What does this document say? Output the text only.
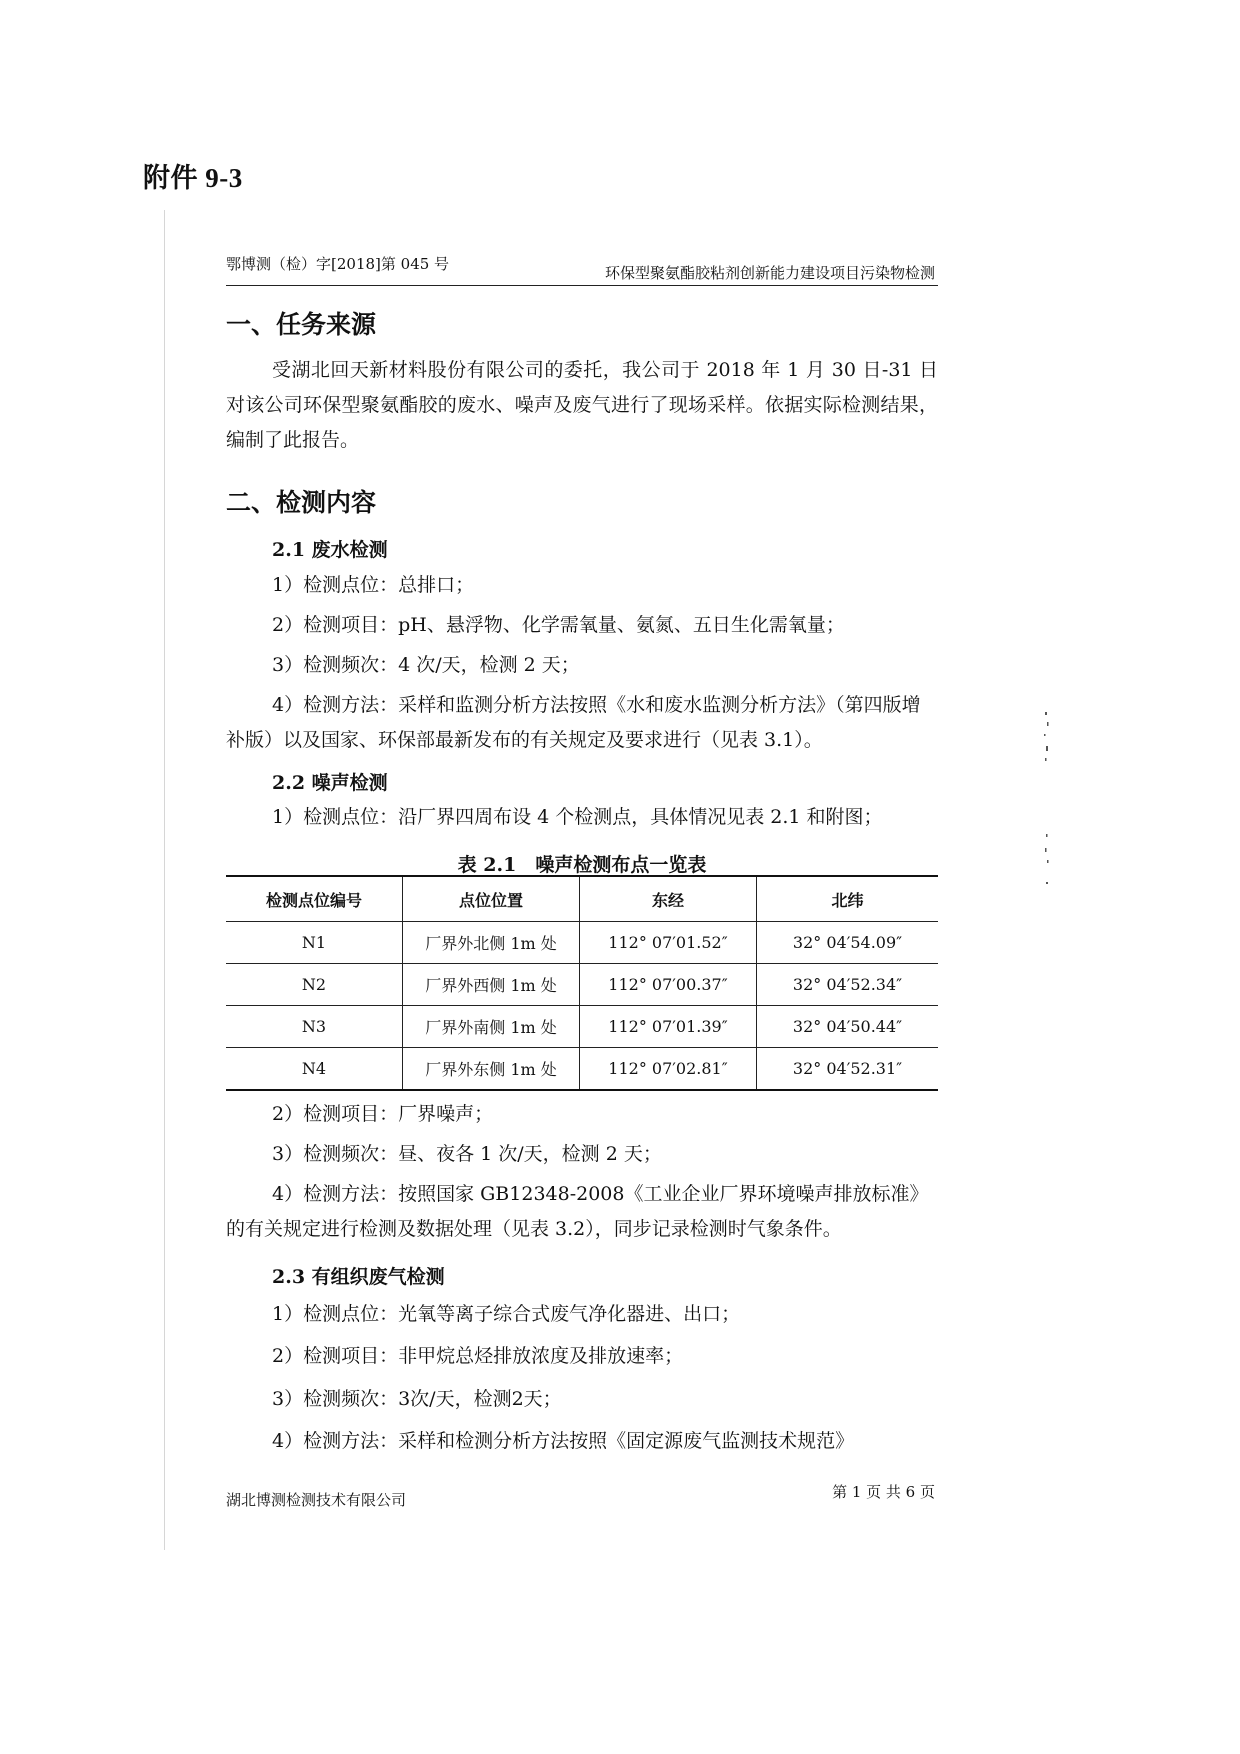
附件 9-3
鄂博测（检）字[2018]第 045 号	环保型聚氨酯胶粘剂创新能力建设项目污染物检测
一、任务来源
受湖北回天新材料股份有限公司的委托，我公司于 2018 年 1 月 30 日-31 日对该公司环保型聚氨酯胶的废水、噪声及废气进行了现场采样。依据实际检测结果，编制了此报告。
二、检测内容
2.1 废水检测
1）检测点位：总排口；
2）检测项目：pH、悬浮物、化学需氧量、氨氮、五日生化需氧量；
3）检测频次：4 次/天，检测 2 天；
4）检测方法：采样和监测分析方法按照《水和废水监测分析方法》（第四版增补版）以及国家、环保部最新发布的有关规定及要求进行（见表 3.1）。
2.2 噪声检测
1）检测点位：沿厂界四周布设 4 个检测点，具体情况见表 2.1 和附图；
表 2.1　噪声检测布点一览表
检测点位编号	点位位置	东经	北纬
N1	厂界外北侧 1m 处	112° 07′01.52″	32° 04′54.09″
N2	厂界外西侧 1m 处	112° 07′00.37″	32° 04′52.34″
N3	厂界外南侧 1m 处	112° 07′01.39″	32° 04′50.44″
N4	厂界外东侧 1m 处	112° 07′02.81″	32° 04′52.31″
2）检测项目：厂界噪声；
3）检测频次：昼、夜各 1 次/天，检测 2 天；
4）检测方法：按照国家 GB12348-2008《工业企业厂界环境噪声排放标准》的有关规定进行检测及数据处理（见表 3.2），同步记录检测时气象条件。
2.3 有组织废气检测
1）检测点位：光氧等离子综合式废气净化器进、出口；
2）检测项目：非甲烷总烃排放浓度及排放速率；
3）检测频次：3次/天，检测2天；
4）检测方法：采样和检测分析方法按照《固定源废气监测技术规范》
湖北博测检测技术有限公司	第 1 页 共 6 页
